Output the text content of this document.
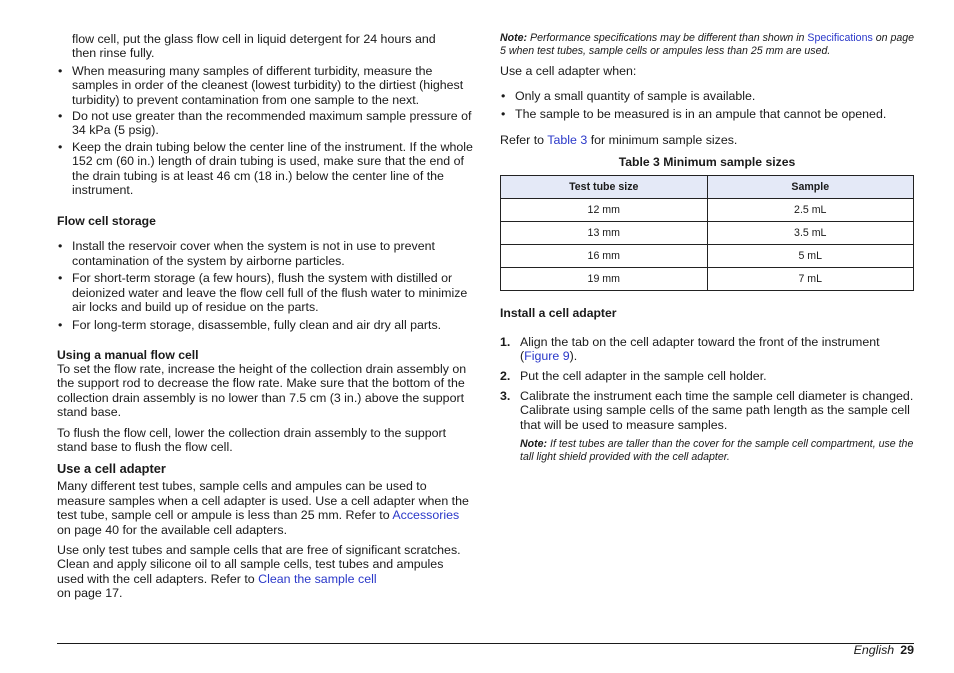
flow cell, put the glass flow cell in liquid detergent for 24 hours and
then rinse fully.

• When measuring many samples of different turbidity, measure the samples in order of the cleanest (lowest turbidity) to the dirtiest (highest turbidity) to prevent contamination from one sample to the next.
• Do not use greater than the recommended maximum sample pressure of 34 kPa (5 psig).
• Keep the drain tubing below the center line of the instrument. If the whole 152 cm (60 in.) length of drain tubing is used, make sure that the end of the drain tubing is at least 46 cm (18 in.) below the center line of the instrument.
Flow cell storage
• Install the reservoir cover when the system is not in use to prevent contamination of the system by airborne particles.
• For short-term storage (a few hours), flush the system with distilled or deionized water and leave the flow cell full of the flush water to minimize air locks and build up of residue on the parts.
• For long-term storage, disassemble, fully clean and air dry all parts.
Using a manual flow cell

To set the flow rate, increase the height of the collection drain assembly on the support rod to decrease the flow rate. Make sure that the bottom of the collection drain assembly is no lower than 7.5 cm (3 in.) above the support stand base.

To flush the flow cell, lower the collection drain assembly to the support stand base to flush the flow cell.

Use a cell adapter

Many different test tubes, sample cells and ampules can be used to measure samples when a cell adapter is used. Use a cell adapter when the test tube, sample cell or ampule is less than 25 mm. Refer to Accessories on page 40 for the available cell adapters.

Use only test tubes and sample cells that are free of significant scratches. Clean and apply silicone oil to all sample cells, test tubes and ampules used with the cell adapters. Refer to Clean the sample cell
on page 17.

Note: Performance specifications may be different than shown in Specifications on page 5 when test tubes, sample cells or ampules less than 25 mm are used.

Use a cell adapter when:

• Only a small quantity of sample is available.
• The sample to be measured is in an ampule that cannot be opened.

Refer to Table 3 for minimum sample sizes.

Table 3 Minimum sample sizes
Test tube size	Sample
12 mm	2.5 mL
13 mm	3.5 mL
16 mm	5 mL
19 mm	7 mL
Install a cell adapter
1. Align the tab on the cell adapter toward the front of the instrument (Figure 9).
2. Put the cell adapter in the sample cell holder.
3. Calibrate the instrument each time the sample cell diameter is changed. Calibrate using sample cells of the same path length as the sample cell that will be used to measure samples.

Note: If test tubes are taller than the cover for the sample cell compartment, use the tall light shield provided with the cell adapter.

English 29
